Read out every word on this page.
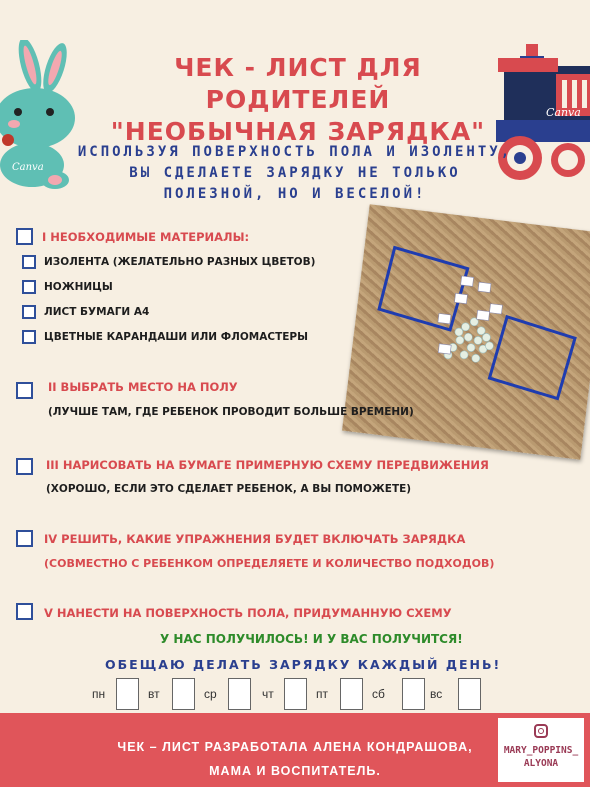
Canva
Canva
ЧЕК - ЛИСТ ДЛЯ РОДИТЕЛЕЙ
"НЕОБЫЧНАЯ ЗАРЯДКА"
ИСПОЛЬЗУЯ ПОВЕРХНОСТЬ ПОЛА И ИЗОЛЕНТУ,
ВЫ СДЕЛАЕТЕ ЗАРЯДКУ НЕ ТОЛЬКО
ПОЛЕЗНОЙ, НО И ВЕСЕЛОЙ!
I НЕОБХОДИМЫЕ МАТЕРИАЛЫ:
ИЗОЛЕНТА (ЖЕЛАТЕЛЬНО РАЗНЫХ ЦВЕТОВ)
НОЖНИЦЫ
ЛИСТ БУМАГИ А4
ЦВЕТНЫЕ КАРАНДАШИ ИЛИ ФЛОМАСТЕРЫ
II ВЫБРАТЬ МЕСТО НА ПОЛУ
(ЛУЧШЕ ТАМ, ГДЕ РЕБЕНОК ПРОВОДИТ БОЛЬШЕ ВРЕМЕНИ)
III НАРИСОВАТЬ НА БУМАГЕ ПРИМЕРНУЮ СХЕМУ ПЕРЕДВИЖЕНИЯ
(ХОРОШО, ЕСЛИ ЭТО СДЕЛАЕТ РЕБЕНОК, А ВЫ ПОМОЖЕТЕ)
IV РЕШИТЬ, КАКИЕ УПРАЖНЕНИЯ БУДЕТ ВКЛЮЧАТЬ ЗАРЯДКА
(СОВМЕСТНО С РЕБЕНКОМ ОПРЕДЕЛЯЕТЕ И КОЛИЧЕСТВО ПОДХОДОВ)
V НАНЕСТИ НА ПОВЕРХНОСТЬ ПОЛА, ПРИДУМАННУЮ СХЕМУ
У НАС ПОЛУЧИЛОСЬ! И У ВАС ПОЛУЧИТСЯ!
ОБЕЩАЮ ДЕЛАТЬ ЗАРЯДКУ КАЖДЫЙ ДЕНЬ!
пн	вт	ср	чт	пт	сб	вс
ЧЕК – ЛИСТ РАЗРАБОТАЛА АЛЕНА КОНДРАШОВА,
МАМА И ВОСПИТАТЕЛЬ.
MARY_POPPINS_
ALYONA
